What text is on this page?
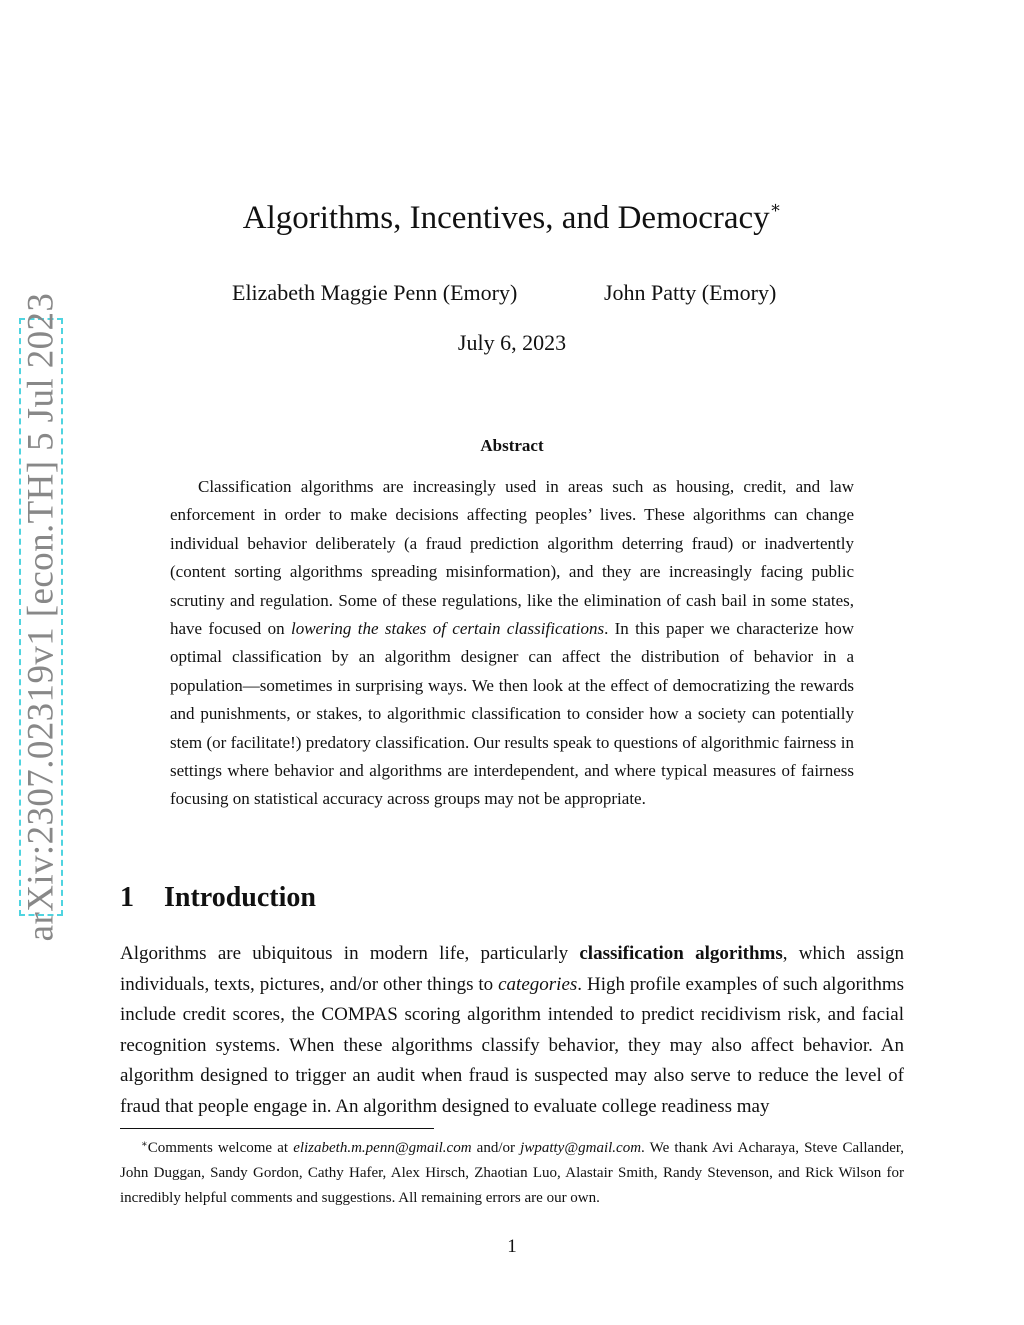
arXiv:2307.02319v1 [econ.TH] 5 Jul 2023
Algorithms, Incentives, and Democracy∗
Elizabeth Maggie Penn (Emory)	John Patty (Emory)
July 6, 2023
Abstract

Classification algorithms are increasingly used in areas such as housing, credit, and law enforcement in order to make decisions affecting peoples’ lives. These algorithms can change individual behavior deliberately (a fraud prediction algorithm deterring fraud) or inadvertently (content sorting algorithms spreading misinformation), and they are increasingly facing public scrutiny and regulation. Some of these regulations, like the elimination of cash bail in some states, have focused on lowering the stakes of certain classifications. In this paper we characterize how optimal classification by an algorithm designer can affect the distribution of behavior in a population—sometimes in surprising ways. We then look at the effect of democratizing the rewards and punishments, or stakes, to algorithmic classification to consider how a society can potentially stem (or facilitate!) predatory classification. Our results speak to questions of algorithmic fairness in settings where behavior and algorithms are interdependent, and where typical measures of fairness focusing on statistical accuracy across groups may not be appropriate.

1 Introduction

Algorithms are ubiquitous in modern life, particularly classification algorithms, which assign individuals, texts, pictures, and/or other things to categories. High profile examples of such algorithms include credit scores, the COMPAS scoring algorithm intended to predict recidivism risk, and facial recognition systems. When these algorithms classify behavior, they may also affect behavior. An algorithm designed to trigger an audit when fraud is suspected may also serve to reduce the level of fraud that people engage in. An algorithm designed to evaluate college readiness may

∗Comments welcome at elizabeth.m.penn@gmail.com and/or jwpatty@gmail.com. We thank Avi Acharaya, Steve Callander, John Duggan, Sandy Gordon, Cathy Hafer, Alex Hirsch, Zhaotian Luo, Alastair Smith, Randy Stevenson, and Rick Wilson for incredibly helpful comments and suggestions. All remaining errors are our own.

1
